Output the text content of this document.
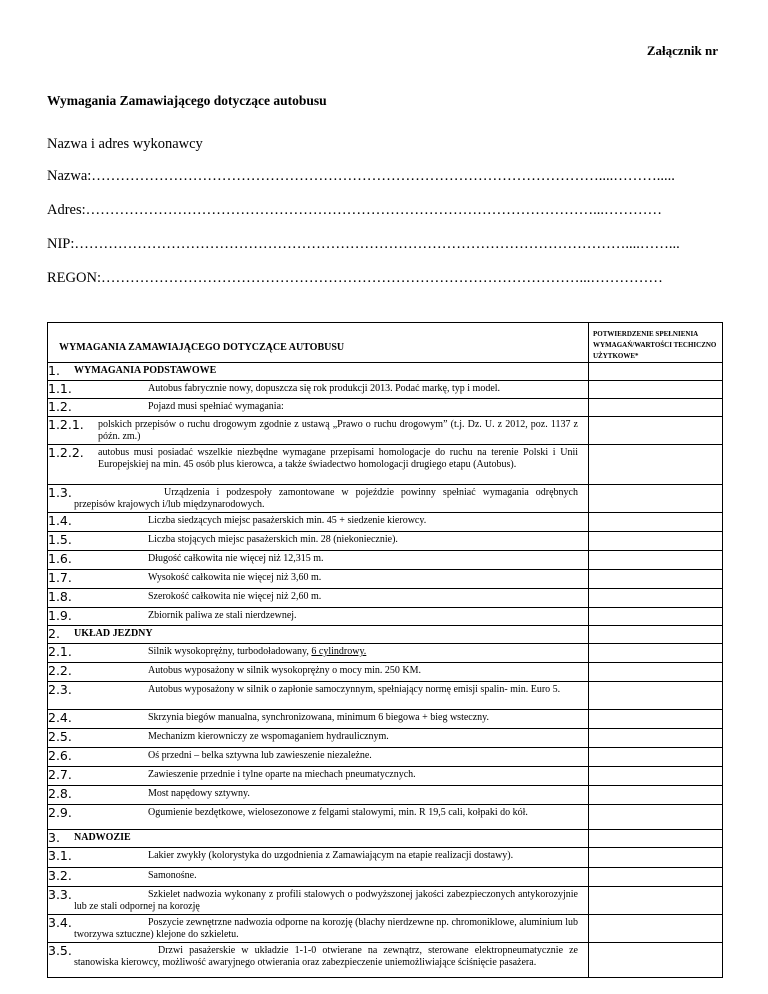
Załącznik nr
Wymagania Zamawiającego dotyczące autobusu
Nazwa i adres wykonawcy
Nazwa:……………………………………………………………………………………………....……….....
Adres:……………………………………………………………………………………………...…………
NIP:……………………………………………………………………………………………………....……...
REGON:………………………………………………………………………………………...……………
WYMAGANIA ZAMAWIAJĄCEGO DOTYCZĄCE AUTOBUSU
POTWIERDZENIE SPEŁNIENIA WYMAGAŃ/WARTOŚCI TECHICZNO UŻYTKOWE*
1. WYMAGANIA PODSTAWOWE
1.1.	Autobus fabrycznie nowy, dopuszcza się rok produkcji 2013. Podać markę, typ i model.
1.2.	Pojazd musi spełniać wymagania:
1.2.1. polskich przepisów o ruchu drogowym zgodnie z ustawą „Prawo o ruchu drogowym” (t.j. Dz. U. z 2012, poz. 1137 z późn. zm.)
1.2.2. autobus musi posiadać wszelkie niezbędne wymagane przepisami homologacje do ruchu na terenie Polski i Unii Europejskiej na min. 45 osób plus kierowca, a także świadectwo homologacji drugiego etapu (Autobus).
1.3.	Urządzenia i podzespoły zamontowane w pojeździe powinny spełniać wymagania odrębnych przepisów krajowych i/lub międzynarodowych.
1.4.	Liczba siedzących miejsc pasażerskich min. 45 + siedzenie kierowcy.
1.5.	Liczba stojących miejsc pasażerskich min. 28 (niekoniecznie).
1.6.	Długość całkowita nie więcej niż 12,315 m.
1.7.	Wysokość całkowita nie więcej niż 3,60 m.
1.8.	Szerokość całkowita nie więcej niż 2,60 m.
1.9.	Zbiornik paliwa ze stali nierdzewnej.
2. UKŁAD JEZDNY
2.1.	Silnik wysokoprężny, turbodoładowany, 6 cylindrowy.
2.2.	Autobus wyposażony w silnik wysokoprężny o mocy min. 250 KM.
2.3.	Autobus wyposażony w silnik o zapłonie samoczynnym, spełniający normę emisji spalin- min. Euro 5.
2.4.	Skrzynia biegów manualna, synchronizowana, minimum 6 biegowa + bieg wsteczny.
2.5.	Mechanizm kierowniczy ze wspomaganiem hydraulicznym.
2.6.	Oś przedni – belka sztywna lub zawieszenie niezależne.
2.7.	Zawieszenie przednie i tylne oparte na miechach pneumatycznych.
2.8.	Most napędowy sztywny.
2.9.	Ogumienie bezdętkowe, wielosezonowe z felgami stalowymi, min. R 19,5 cali, kołpaki do kół.
3. NADWOZIE
3.1.	Lakier zwykły (kolorystyka do uzgodnienia z Zamawiającym na etapie realizacji dostawy).
3.2.	Samonośne.
3.3.	Szkielet nadwozia wykonany z profili stalowych o podwyższonej jakości zabezpieczonych antykorozyjnie lub ze stali odpornej na korozję
3.4.	Poszycie zewnętrzne nadwozia odporne na korozję (blachy nierdzewne np. chromoniklowe, aluminium lub tworzywa sztuczne) klejone do szkieletu.
3.5.	Drzwi pasażerskie w układzie 1-1-0 otwierane na zewnątrz, sterowane elektropneumatycznie ze stanowiska kierowcy, możliwość awaryjnego otwierania oraz zabezpieczenie uniemożliwiające ściśnięcie pasażera.
